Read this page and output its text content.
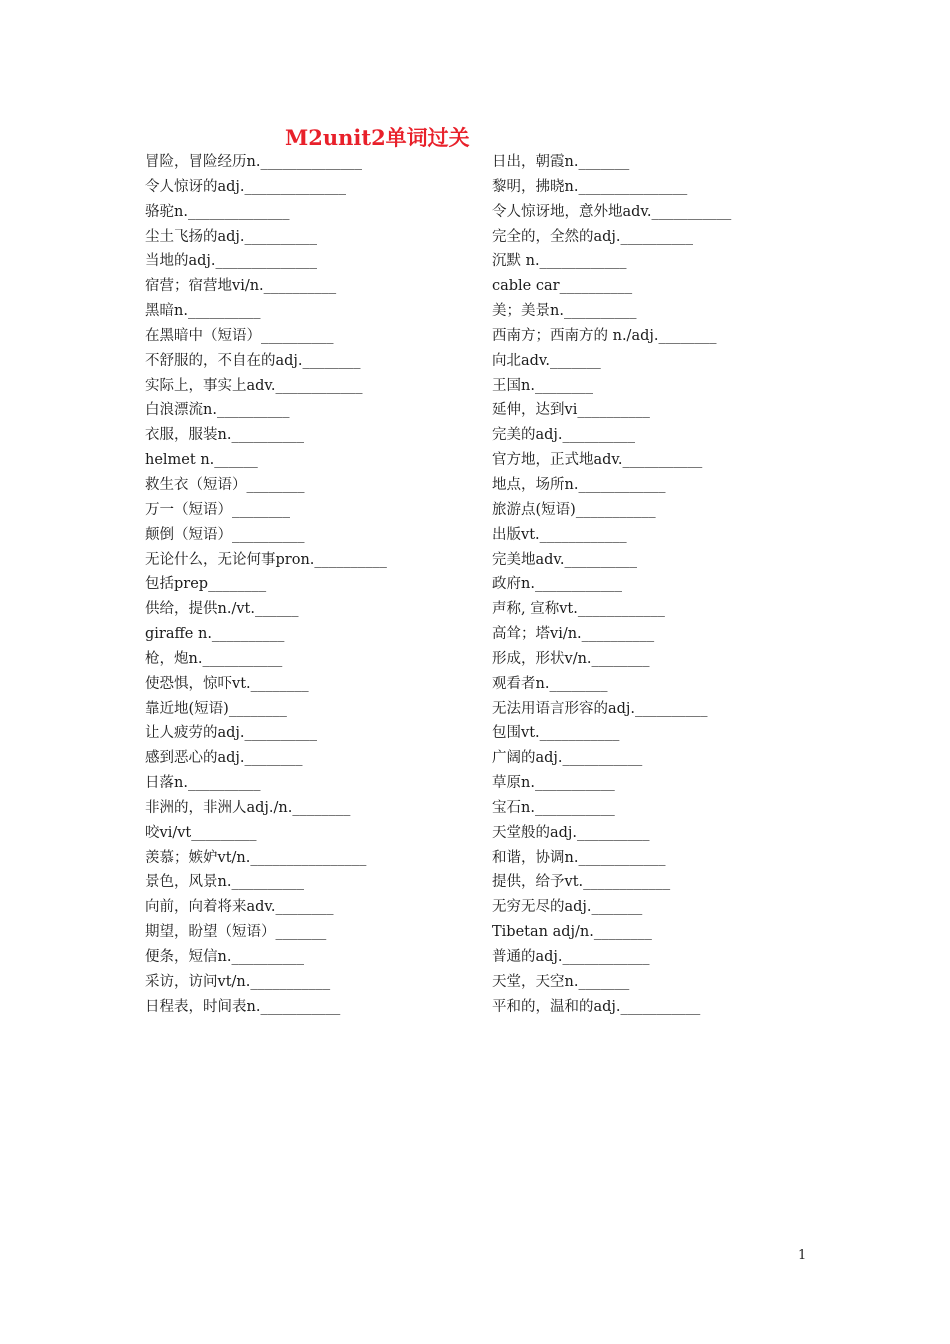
M2unit2单词过关
冒险，冒险经历n.______________
令人惊讶的adj.______________
骆驼n.______________
尘土飞扬的adj.__________
当地的adj.______________
宿营；宿营地vi/n.__________
黑暗n.__________
在黑暗中（短语）__________
不舒服的，不自在的adj.________
实际上，事实上adv.____________
白浪漂流n.__________
衣服，服装n.__________
helmet n.______
救生衣（短语）________
万一（短语）________
颠倒（短语）__________
无论什么，无论何事pron.__________
包括prep________
供给，提供n./vt.______
giraffe n.__________
枪，炮n.___________
使恐惧，惊吓vt.________
靠近地(短语)________
让人疲劳的adj.__________
感到恶心的adj.________
日落n.__________
非洲的，非洲人adj./n.________
咬vi/vt_________
羡慕；嫉妒vt/n.________________
景色，风景n.__________
向前，向着将来adv.________
期望，盼望（短语）_______
便条，短信n.__________
采访，访问vt/n.___________
日程表，时间表n.___________
日出，朝霞n._______
黎明，拂晓n._______________
令人惊讶地，意外地adv.___________
完全的，全然的adj.__________
沉默 n.____________
cable car__________
美；美景n.__________
西南方；西南方的 n./adj.________
向北adv._______
王国n.________
延伸，达到vi__________
完美的adj.__________
官方地，正式地adv.___________
地点，场所n.____________
旅游点(短语)___________
出版vt.____________
完美地adv.__________
政府n.____________
声称, 宣称vt.____________
高耸；塔vi/n.__________
形成，形状v/n.________
观看者n.________
无法用语言形容的adj.__________
包围vt.___________
广阔的adj.___________
草原n.___________
宝石n.___________
天堂般的adj.__________
和谐，协调n.____________
提供，给予vt.____________
无穷无尽的adj._______
Tibetan adj/n.________
普通的adj.____________
天堂，天空n._______
平和的，温和的adj.___________
1
